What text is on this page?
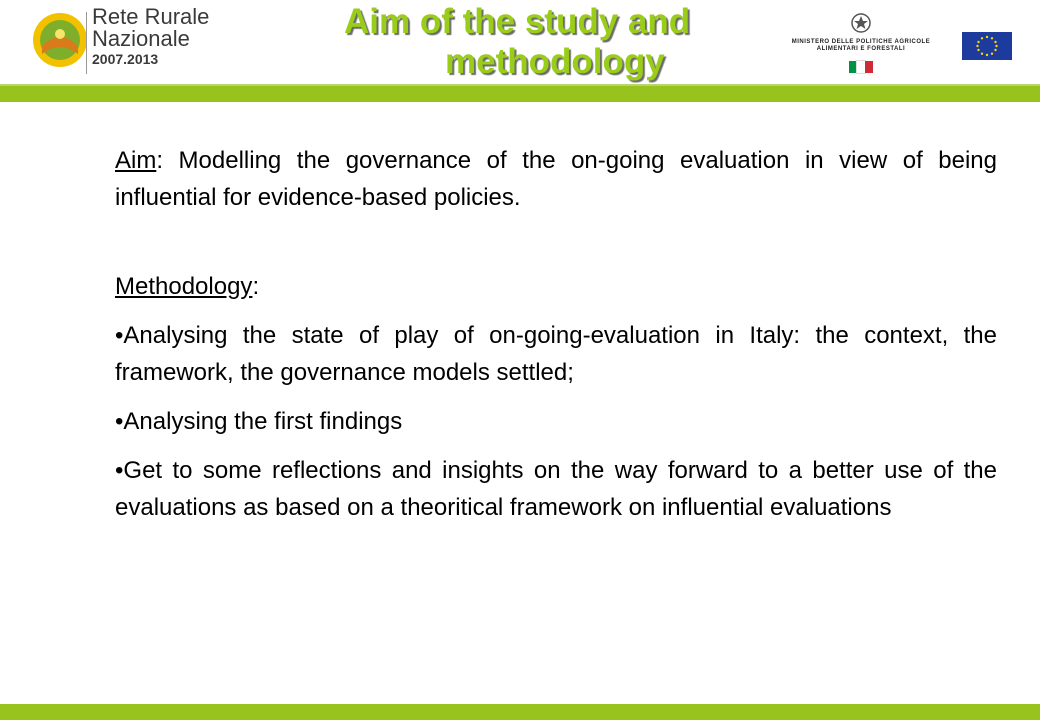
Rete Rurale
Nazionale
2007.2013
Aim of the study and
methodology	MINISTERO DELLE POLITICHE AGRICOLE
ALIMENTARI E FORESTALI

Aim: Modelling the governance of the on-going evaluation in view of being influential for evidence-based policies.

Methodology:

• Analysing the state of play of on-going-evaluation in Italy: the context, the framework, the governance models settled;

• Analysing the first findings

• Get to some reflections and insights on the way forward to a better use of the evaluations as based on a theoritical framework on influential evaluations
